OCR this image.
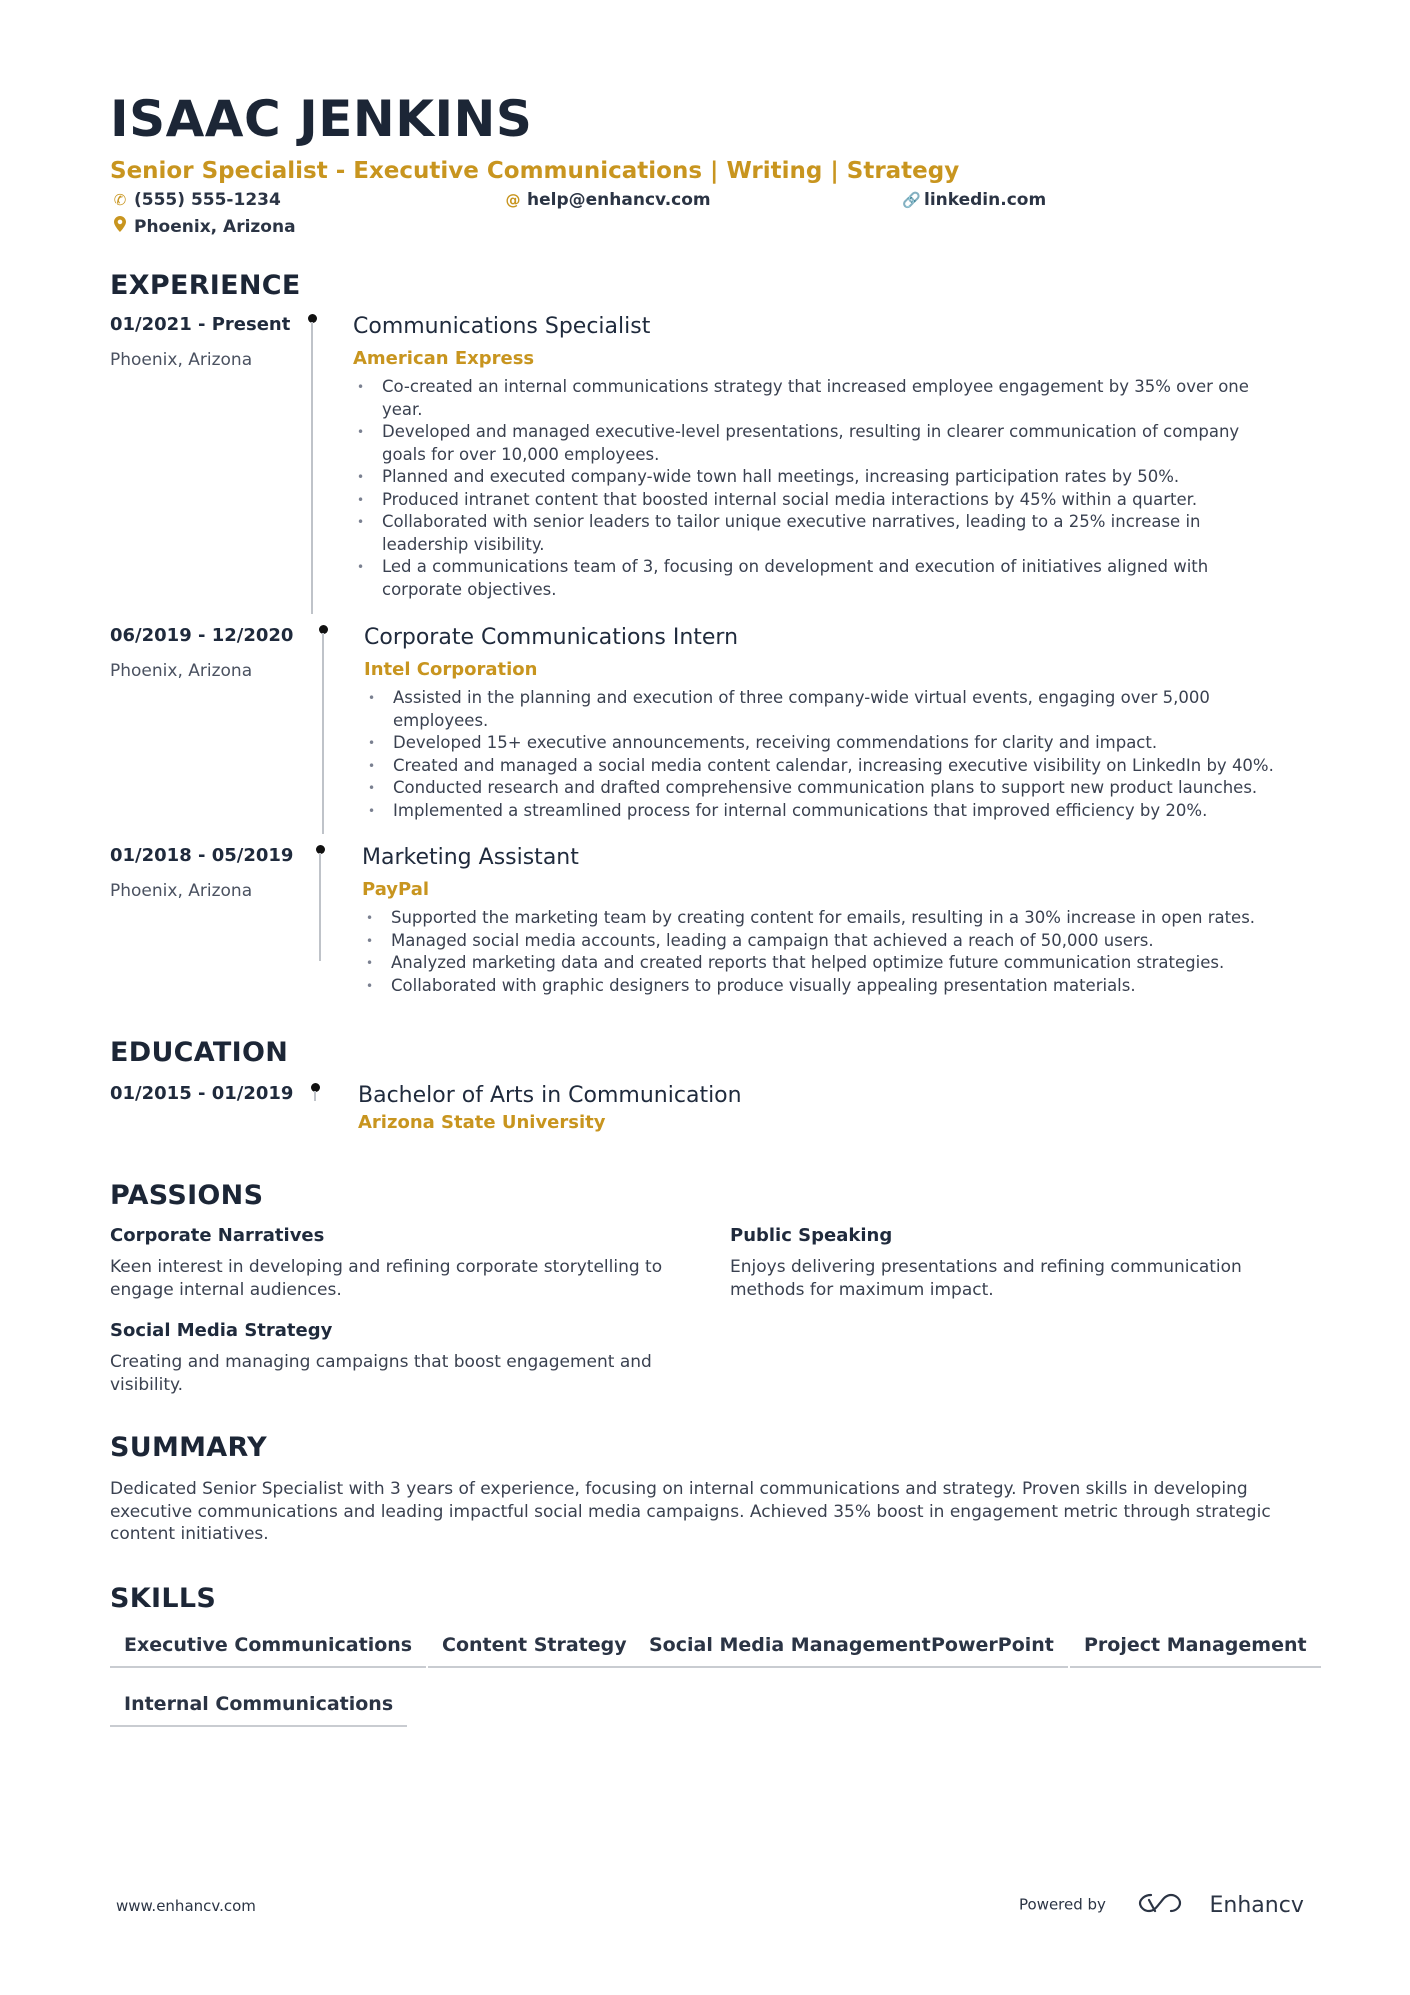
ISAAC JENKINS
Senior Specialist - Executive Communications | Writing | Strategy
✆ (555) 555-1234	@ help@enhancv.com	🔗 linkedin.com
Phoenix, Arizona
EXPERIENCE
01/2021 - Present
Phoenix, Arizona
Communications Specialist
American Express
• Co-created an internal communications strategy that increased employee engagement by 35% over one year.
• Developed and managed executive-level presentations, resulting in clearer communication of company goals for over 10,000 employees.
• Planned and executed company-wide town hall meetings, increasing participation rates by 50%.
• Produced intranet content that boosted internal social media interactions by 45% within a quarter.
• Collaborated with senior leaders to tailor unique executive narratives, leading to a 25% increase in leadership visibility.
• Led a communications team of 3, focusing on development and execution of initiatives aligned with corporate objectives.
06/2019 - 12/2020
Phoenix, Arizona
Corporate Communications Intern
Intel Corporation
• Assisted in the planning and execution of three company-wide virtual events, engaging over 5,000 employees.
• Developed 15+ executive announcements, receiving commendations for clarity and impact.
• Created and managed a social media content calendar, increasing executive visibility on LinkedIn by 40%.
• Conducted research and drafted comprehensive communication plans to support new product launches.
• Implemented a streamlined process for internal communications that improved efficiency by 20%.
01/2018 - 05/2019
Phoenix, Arizona
Marketing Assistant
PayPal
• Supported the marketing team by creating content for emails, resulting in a 30% increase in open rates.
• Managed social media accounts, leading a campaign that achieved a reach of 50,000 users.
• Analyzed marketing data and created reports that helped optimize future communication strategies.
• Collaborated with graphic designers to produce visually appealing presentation materials.
EDUCATION
01/2015 - 01/2019	Bachelor of Arts in Communication
Arizona State University
PASSIONS
Corporate Narratives
Keen interest in developing and refining corporate storytelling to engage internal audiences.
Public Speaking
Enjoys delivering presentations and refining communication methods for maximum impact.
Social Media Strategy
Creating and managing campaigns that boost engagement and visibility.
SUMMARY
Dedicated Senior Specialist with 3 years of experience, focusing on internal communications and strategy. Proven skills in developing executive communications and leading impactful social media campaigns. Achieved 35% boost in engagement metric through strategic content initiatives.
SKILLS
Executive Communications	Content Strategy	Social Media Management PowerPoint	Project Management
Internal Communications
www.enhancv.com	Powered by	Enhancv
